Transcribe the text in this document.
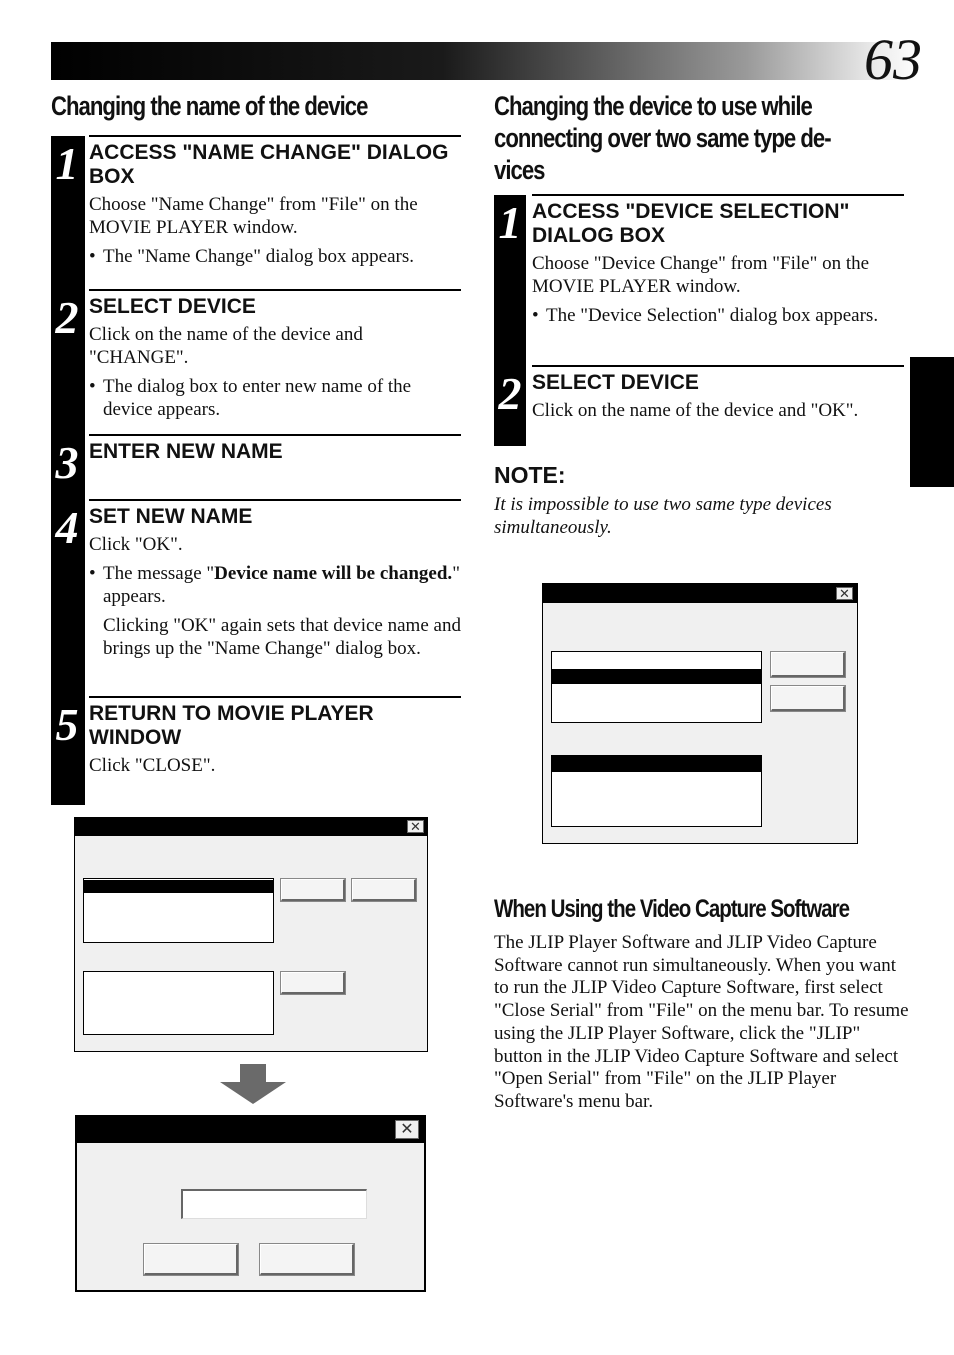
63
Changing the name of the device
1 ACCESS "NAME CHANGE" DIALOG BOX

Choose "Name Change" from "File" on the MOVIE PLAYER window.

• The "Name Change" dialog box appears.

2 SELECT DEVICE

Click on the name of the device and "CHANGE".

• The dialog box to enter new name of the device appears.

3 ENTER NEW NAME
4 SET NEW NAME

Click "OK".

• The message "Device name will be changed." appears.

Clicking "OK" again sets that device name and brings up the "Name Change" dialog box.

5 RETURN TO MOVIE PLAYER WINDOW

Click "CLOSE".

✕
✕
Changing the device to use while
connecting over two same type de-
vices
1 ACCESS "DEVICE SELECTION" DIALOG BOX

Choose "Device Change" from "File" on the MOVIE PLAYER window.

• The "Device Selection" dialog box appears.

2 SELECT DEVICE

Click on the name of the device and "OK".

NOTE:
It is impossible to use two same type devices simultaneously.
✕
When Using the Video Capture Software
The JLIP Player Software and JLIP Video Capture Software cannot run simultaneously. When you want to run the JLIP Video Capture Software, first select "Close Serial" from "File" on the menu bar. To resume using the JLIP Player Software, click the "JLIP" button in the JLIP Video Capture Software and select "Open Serial" from "File" on the JLIP Player Software's menu bar.
